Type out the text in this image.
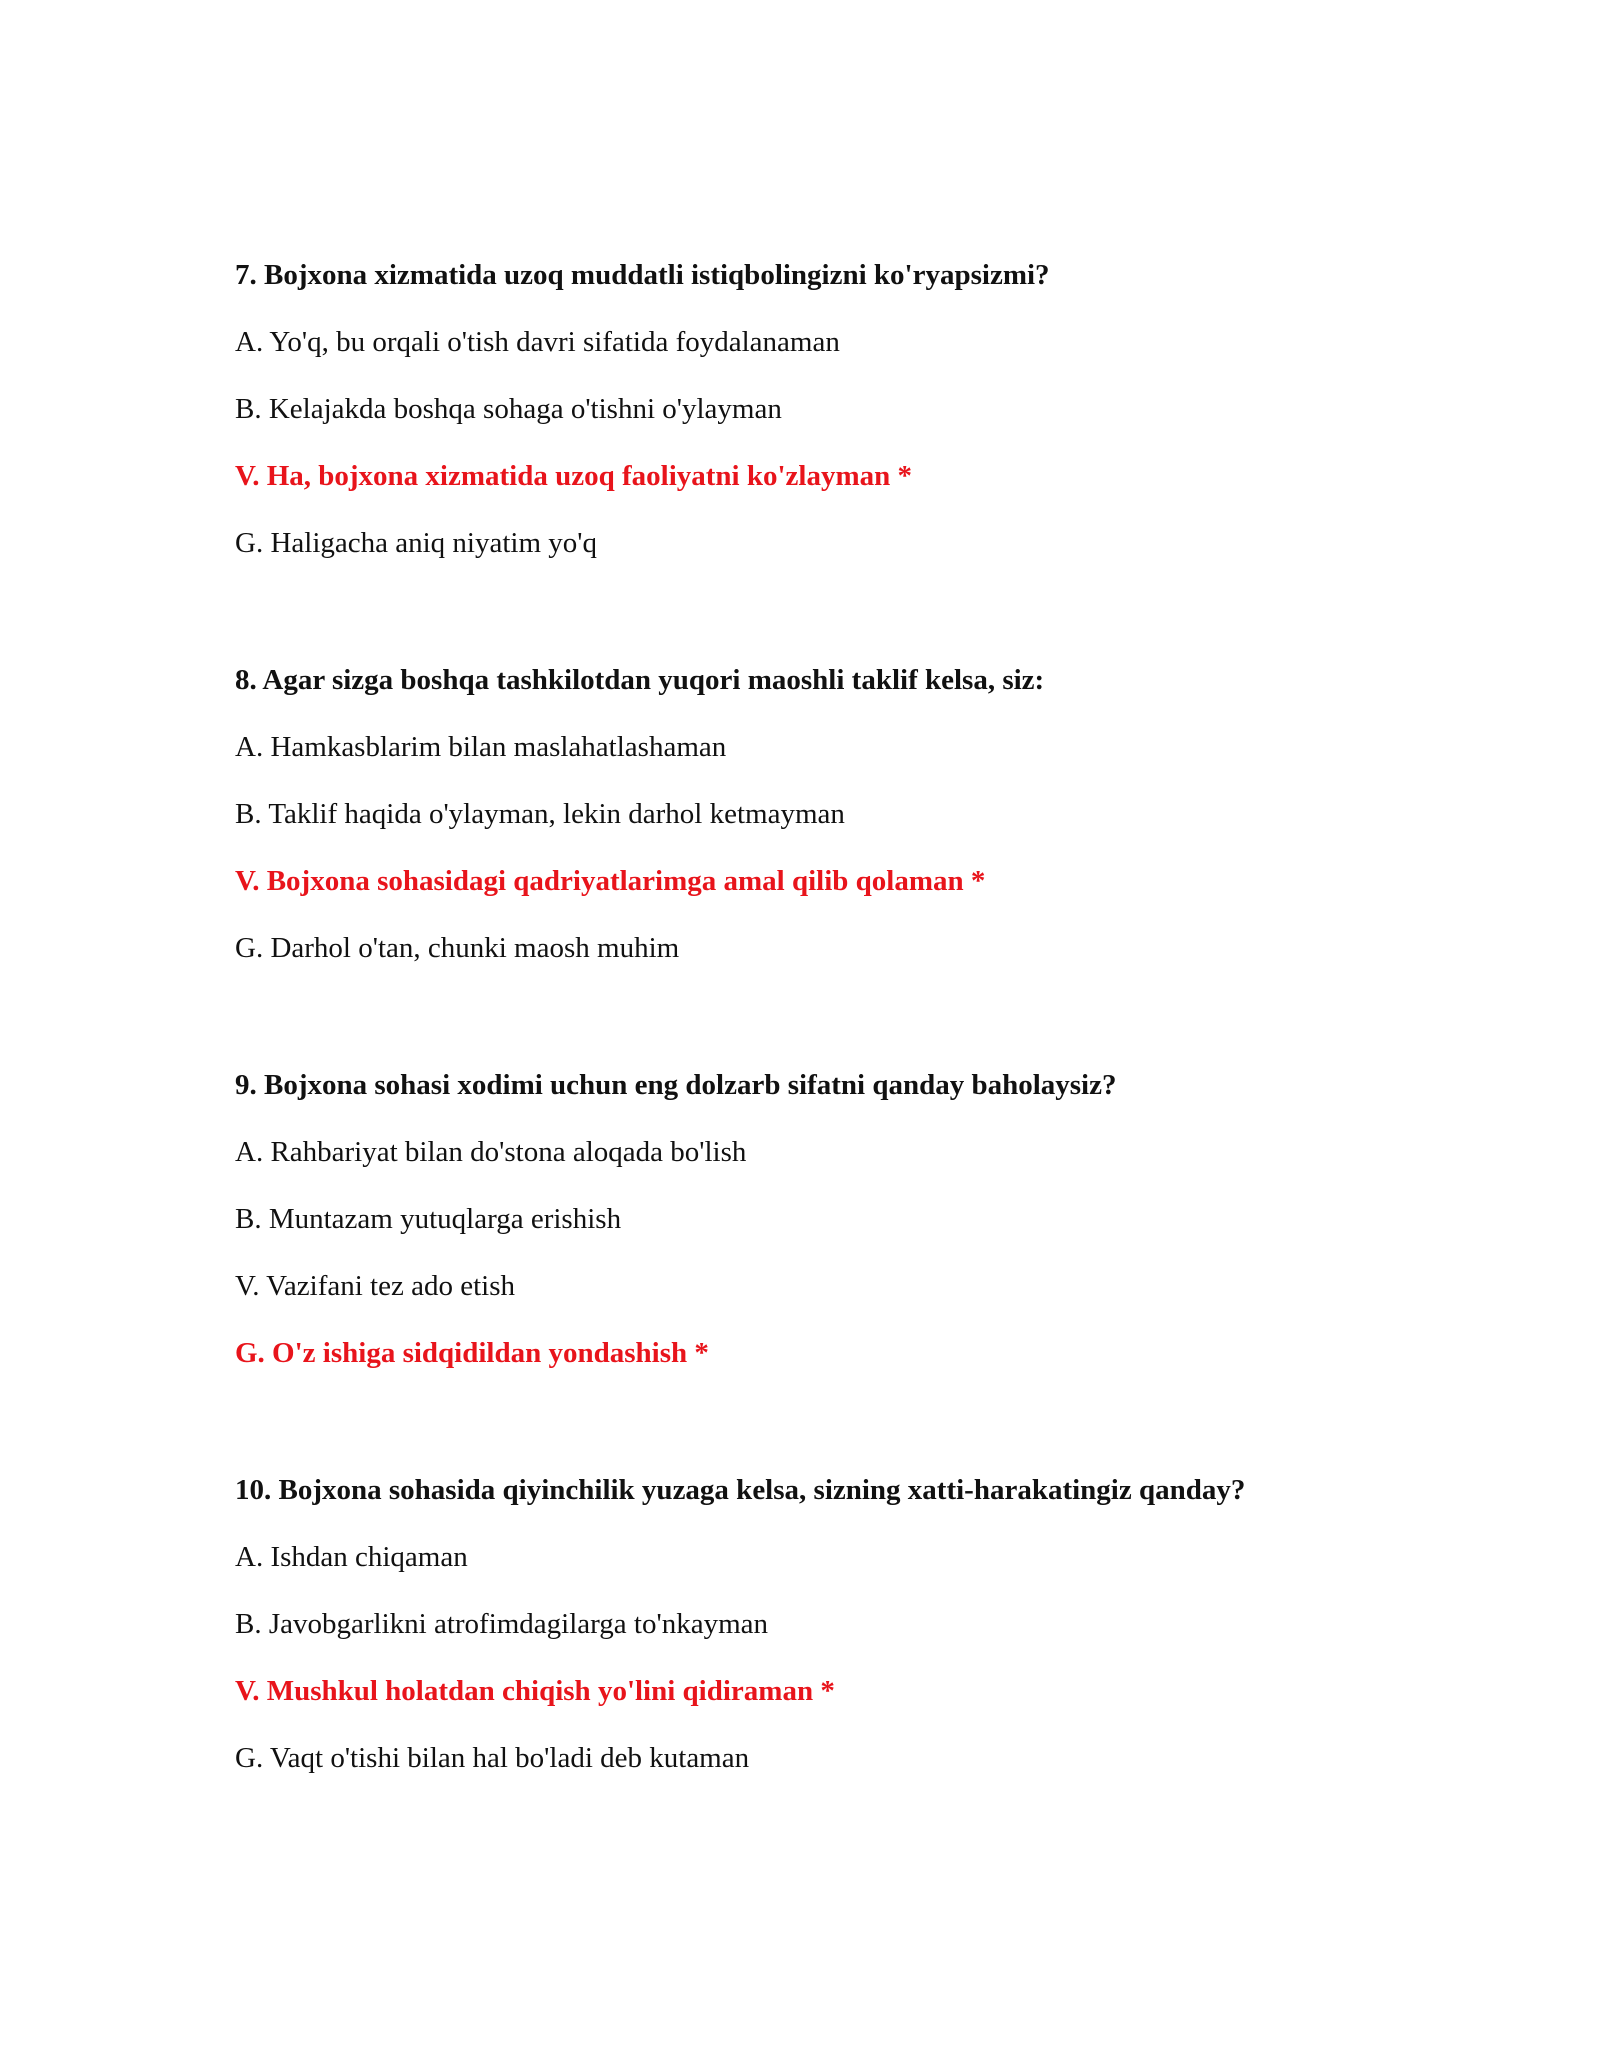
7. Bojxona xizmatida uzoq muddatli istiqbolingizni ko'ryapsizmi?
A. Yo'q, bu orqali o'tish davri sifatida foydalanaman
B. Kelajakda boshqa sohaga o'tishni o'ylayman
V. Ha, bojxona xizmatida uzoq faoliyatni ko'zlayman *
G. Haligacha aniq niyatim yo'q
8. Agar sizga boshqa tashkilotdan yuqori maoshli taklif kelsa, siz:
A. Hamkasblarim bilan maslahatlashaman
B. Taklif haqida o'ylayman, lekin darhol ketmayman
V. Bojxona sohasidagi qadriyatlarimga amal qilib qolaman *
G. Darhol o'tan, chunki maosh muhim
9. Bojxona sohasi xodimi uchun eng dolzarb sifatni qanday baholaysiz?
A. Rahbariyat bilan do'stona aloqada bo'lish
B. Muntazam yutuqlarga erishish
V. Vazifani tez ado etish
G. O'z ishiga sidqidildan yondashish *
10. Bojxona sohasida qiyinchilik yuzaga kelsa, sizning xatti-harakatingiz qanday?
A. Ishdan chiqaman
B. Javobgarlikni atrofimdagilarga to'nkayman
V. Mushkul holatdan chiqish yo'lini qidiraman *
G. Vaqt o'tishi bilan hal bo'ladi deb kutaman
